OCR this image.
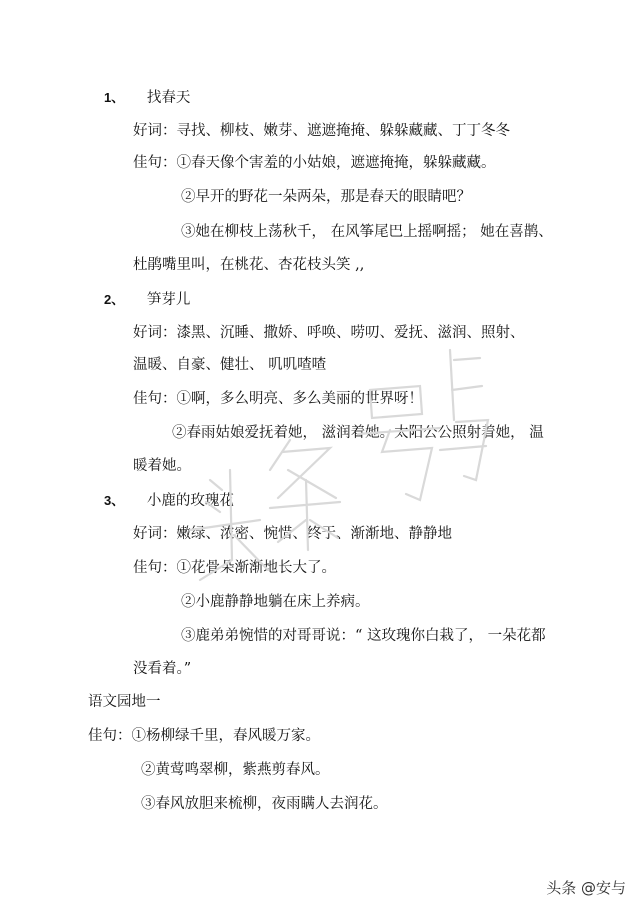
1、 找春天
好词：寻找、柳枝、嫩芽、遮遮掩掩、躲躲藏藏、丁丁冬冬
佳句：①春天像个害羞的小姑娘，遮遮掩掩，躲躲藏藏。
②早开的野花一朵两朵，那是春天的眼睛吧？
③她在柳枝上荡秋千， 在风筝尾巴上摇啊摇； 她在喜鹊、
杜鹃嘴里叫，在桃花、杏花枝头笑 ,,
2、 笋芽儿
好词：漆黑、沉睡、撒娇、呼唤、唠叨、爱抚、滋润、照射、
温暖、自豪、健壮、 叽叽喳喳
佳句：①啊，多么明亮、多么美丽的世界呀！
②春雨姑娘爱抚着她， 滋润着她。太阳公公照射着她， 温
暖着她。
3、 小鹿的玫瑰花
好词：嫩绿、浓密、惋惜、终于、渐渐地、静静地
佳句：①花骨朵渐渐地长大了。
②小鹿静静地躺在床上养病。
③鹿弟弟惋惜的对哥哥说：“ 这玫瑰你白栽了， 一朵花都
没看着。”
语文园地一
佳句：①杨柳绿千里，春风暖万家。
②黄莺鸣翠柳，紫燕剪春风。
③春风放胆来梳柳，夜雨瞒人去润花。
头条 @安与
